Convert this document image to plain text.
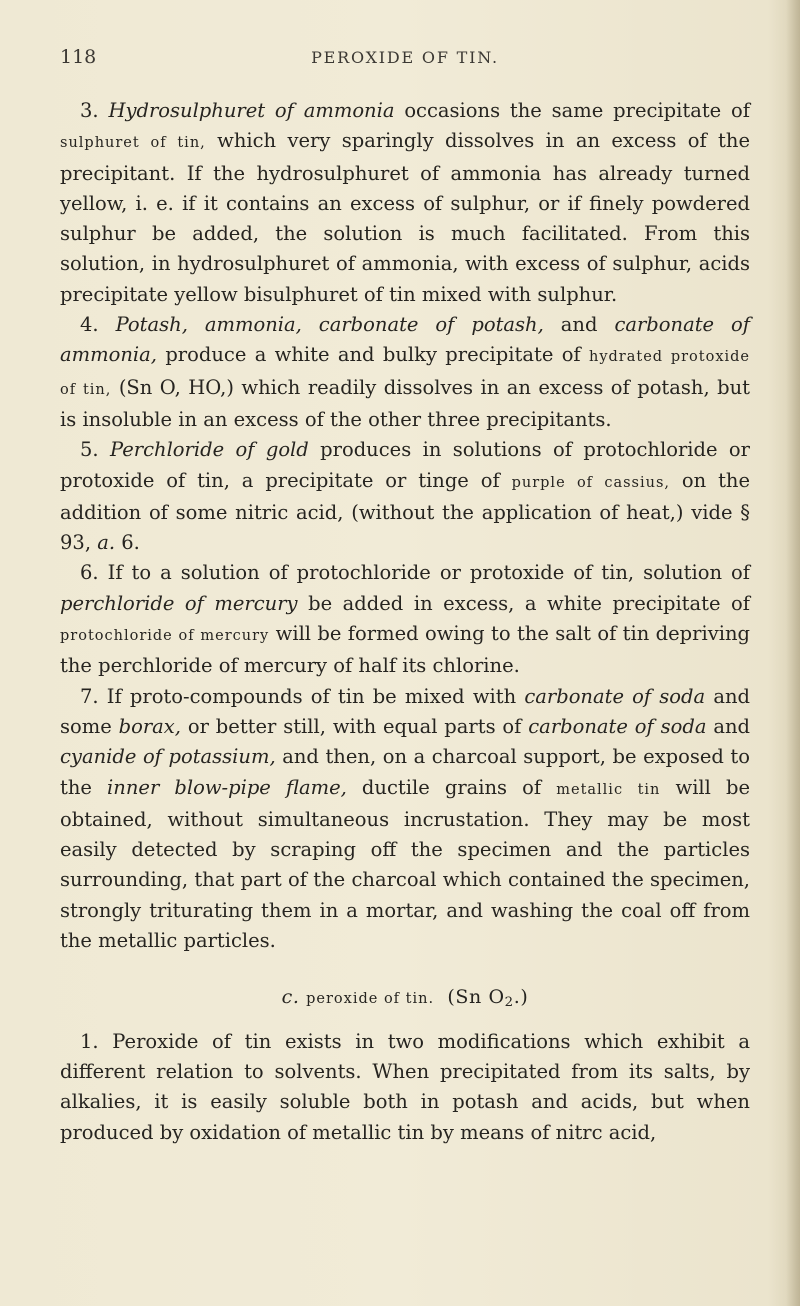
118	PEROXIDE OF TIN.

3. Hydrosulphuret of ammonia occasions the same precipitate of sulphuret of tin, which very sparingly dissolves in an excess of the precipitant. If the hydrosulphuret of ammonia has already turned yellow, i. e. if it contains an excess of sulphur, or if finely powdered sulphur be added, the solution is much facilitated. From this solution, in hydrosulphuret of ammonia, with excess of sulphur, acids precipitate yellow bisulphuret of tin mixed with sulphur.

4. Potash, ammonia, carbonate of potash, and carbonate of ammonia, produce a white and bulky precipitate of hydrated protoxide of tin, (Sn O, HO,) which readily dissolves in an excess of potash, but is insoluble in an excess of the other three precipitants.

5. Perchloride of gold produces in solutions of protochloride or protoxide of tin, a precipitate or tinge of purple of cassius, on the addition of some nitric acid, (without the application of heat,) vide § 93, a. 6.

6. If to a solution of protochloride or protoxide of tin, solution of perchloride of mercury be added in excess, a white precipitate of protochloride of mercury will be formed owing to the salt of tin depriving the perchloride of mercury of half its chlorine.

7. If proto-compounds of tin be mixed with carbonate of soda and some borax, or better still, with equal parts of carbonate of soda and cyanide of potassium, and then, on a charcoal support, be exposed to the inner blow-pipe flame, ductile grains of metallic tin will be obtained, without simultaneous incrustation. They may be most easily detected by scraping off the specimen and the particles surrounding, that part of the charcoal which contained the specimen, strongly triturating them in a mortar, and washing the coal off from the metallic particles.

c. peroxide of tin. (Sn $O_2$.)

1. Peroxide of tin exists in two modifications which exhibit a different relation to solvents. When precipitated from its salts, by alkalies, it is easily soluble both in potash and acids, but when produced by oxidation of metallic tin by means of nitrc acid,
